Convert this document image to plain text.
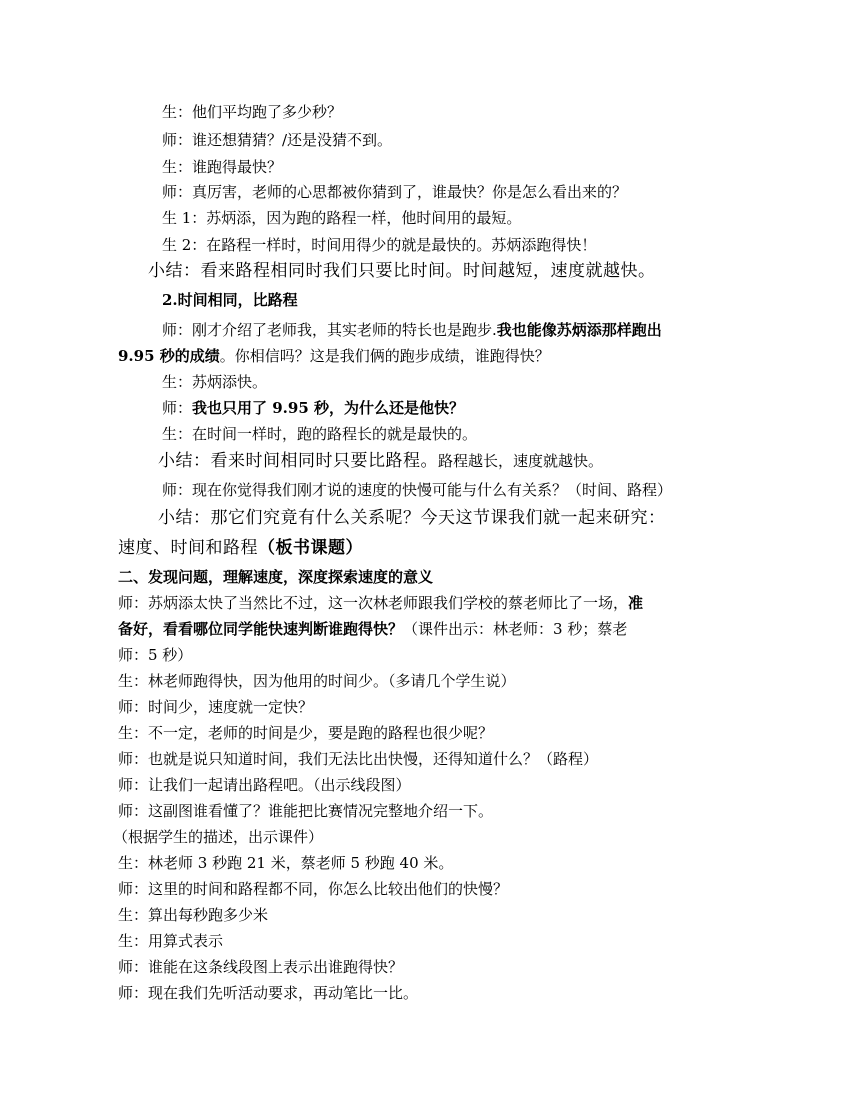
生：他们平均跑了多少秒？
师：谁还想猜猜？/还是没猜不到。
生：谁跑得最快？
师：真厉害，老师的心思都被你猜到了，谁最快？你是怎么看出来的？
生 1：苏炳添，因为跑的路程一样，他时间用的最短。
生 2：在路程一样时，时间用得少的就是最快的。苏炳添跑得快！
小结：看来路程相同时我们只要比时间。时间越短，速度就越快。
2.时间相同，比路程
师：刚才介绍了老师我，其实老师的特长也是跑步.我也能像苏炳添那样跑出
9.95 秒的成绩。你相信吗？这是我们俩的跑步成绩，谁跑得快？
生：苏炳添快。
师：我也只用了 9.95 秒，为什么还是他快？
生：在时间一样时，跑的路程长的就是最快的。
小结：看来时间相同时只要比路程。路程越长，速度就越快。
师：现在你觉得我们刚才说的速度的快慢可能与什么有关系？（时间、路程）
小结：那它们究竟有什么关系呢？今天这节课我们就一起来研究：
速度、时间和路程（板书课题）
二、发现问题，理解速度，深度探索速度的意义
师：苏炳添太快了当然比不过，这一次林老师跟我们学校的蔡老师比了一场，准
备好，看看哪位同学能快速判断谁跑得快？（课件出示：林老师：3 秒；蔡老
师：5 秒）
生：林老师跑得快，因为他用的时间少。（多请几个学生说）
师：时间少，速度就一定快？
生：不一定，老师的时间是少，要是跑的路程也很少呢？
师：也就是说只知道时间，我们无法比出快慢，还得知道什么？（路程）
师：让我们一起请出路程吧。（出示线段图）
师：这副图谁看懂了？谁能把比赛情况完整地介绍一下。
（根据学生的描述，出示课件）
生：林老师 3 秒跑 21 米，蔡老师 5 秒跑 40 米。
师：这里的时间和路程都不同，你怎么比较出他们的快慢？
生：算出每秒跑多少米
生：用算式表示
师：谁能在这条线段图上表示出谁跑得快？
师：现在我们先听活动要求，再动笔比一比。
